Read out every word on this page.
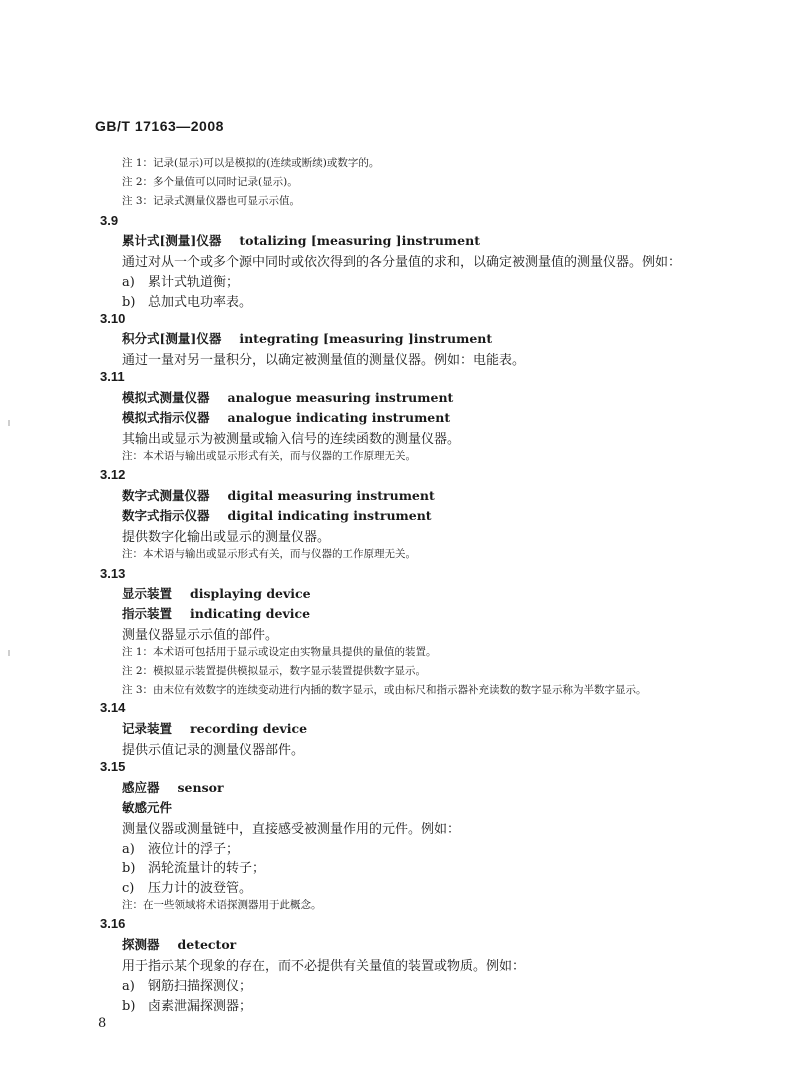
GB/T 17163—2008
注 1：记录(显示)可以是模拟的(连续或断续)或数字的。
注 2：多个量值可以同时记录(显示)。
注 3：记录式测量仪器也可显示示值。
3.9
累计式[测量]仪器 totalizing [measuring ]instrument
通过对从一个或多个源中同时或依次得到的各分量值的求和，以确定被测量值的测量仪器。例如：
a) 累计式轨道衡；
b) 总加式电功率表。
3.10
积分式[测量]仪器 integrating [measuring ]instrument
通过一量对另一量积分，以确定被测量值的测量仪器。例如：电能表。
3.11
模拟式测量仪器 analogue measuring instrument
模拟式指示仪器 analogue indicating instrument
其输出或显示为被测量或输入信号的连续函数的测量仪器。
注：本术语与输出或显示形式有关，而与仪器的工作原理无关。
3.12
数字式测量仪器 digital measuring instrument
数字式指示仪器 digital indicating instrument
提供数字化输出或显示的测量仪器。
注：本术语与输出或显示形式有关，而与仪器的工作原理无关。
3.13
显示装置 displaying device
指示装置 indicating device
测量仪器显示示值的部件。
注 1：本术语可包括用于显示或设定由实物量具提供的量值的装置。
注 2：模拟显示装置提供模拟显示，数字显示装置提供数字显示。
注 3：由末位有效数字的连续变动进行内插的数字显示，或由标尺和指示器补充读数的数字显示称为半数字显示。
3.14
记录装置 recording device
提供示值记录的测量仪器部件。
3.15
感应器 sensor
敏感元件
测量仪器或测量链中，直接感受被测量作用的元件。例如：
a) 液位计的浮子；
b) 涡轮流量计的转子；
c) 压力计的波登管。
注：在一些领域将术语探测器用于此概念。
3.16
探测器 detector
用于指示某个现象的存在，而不必提供有关量值的装置或物质。例如：
a) 钢筋扫描探测仪；
b) 卤素泄漏探测器；
8
